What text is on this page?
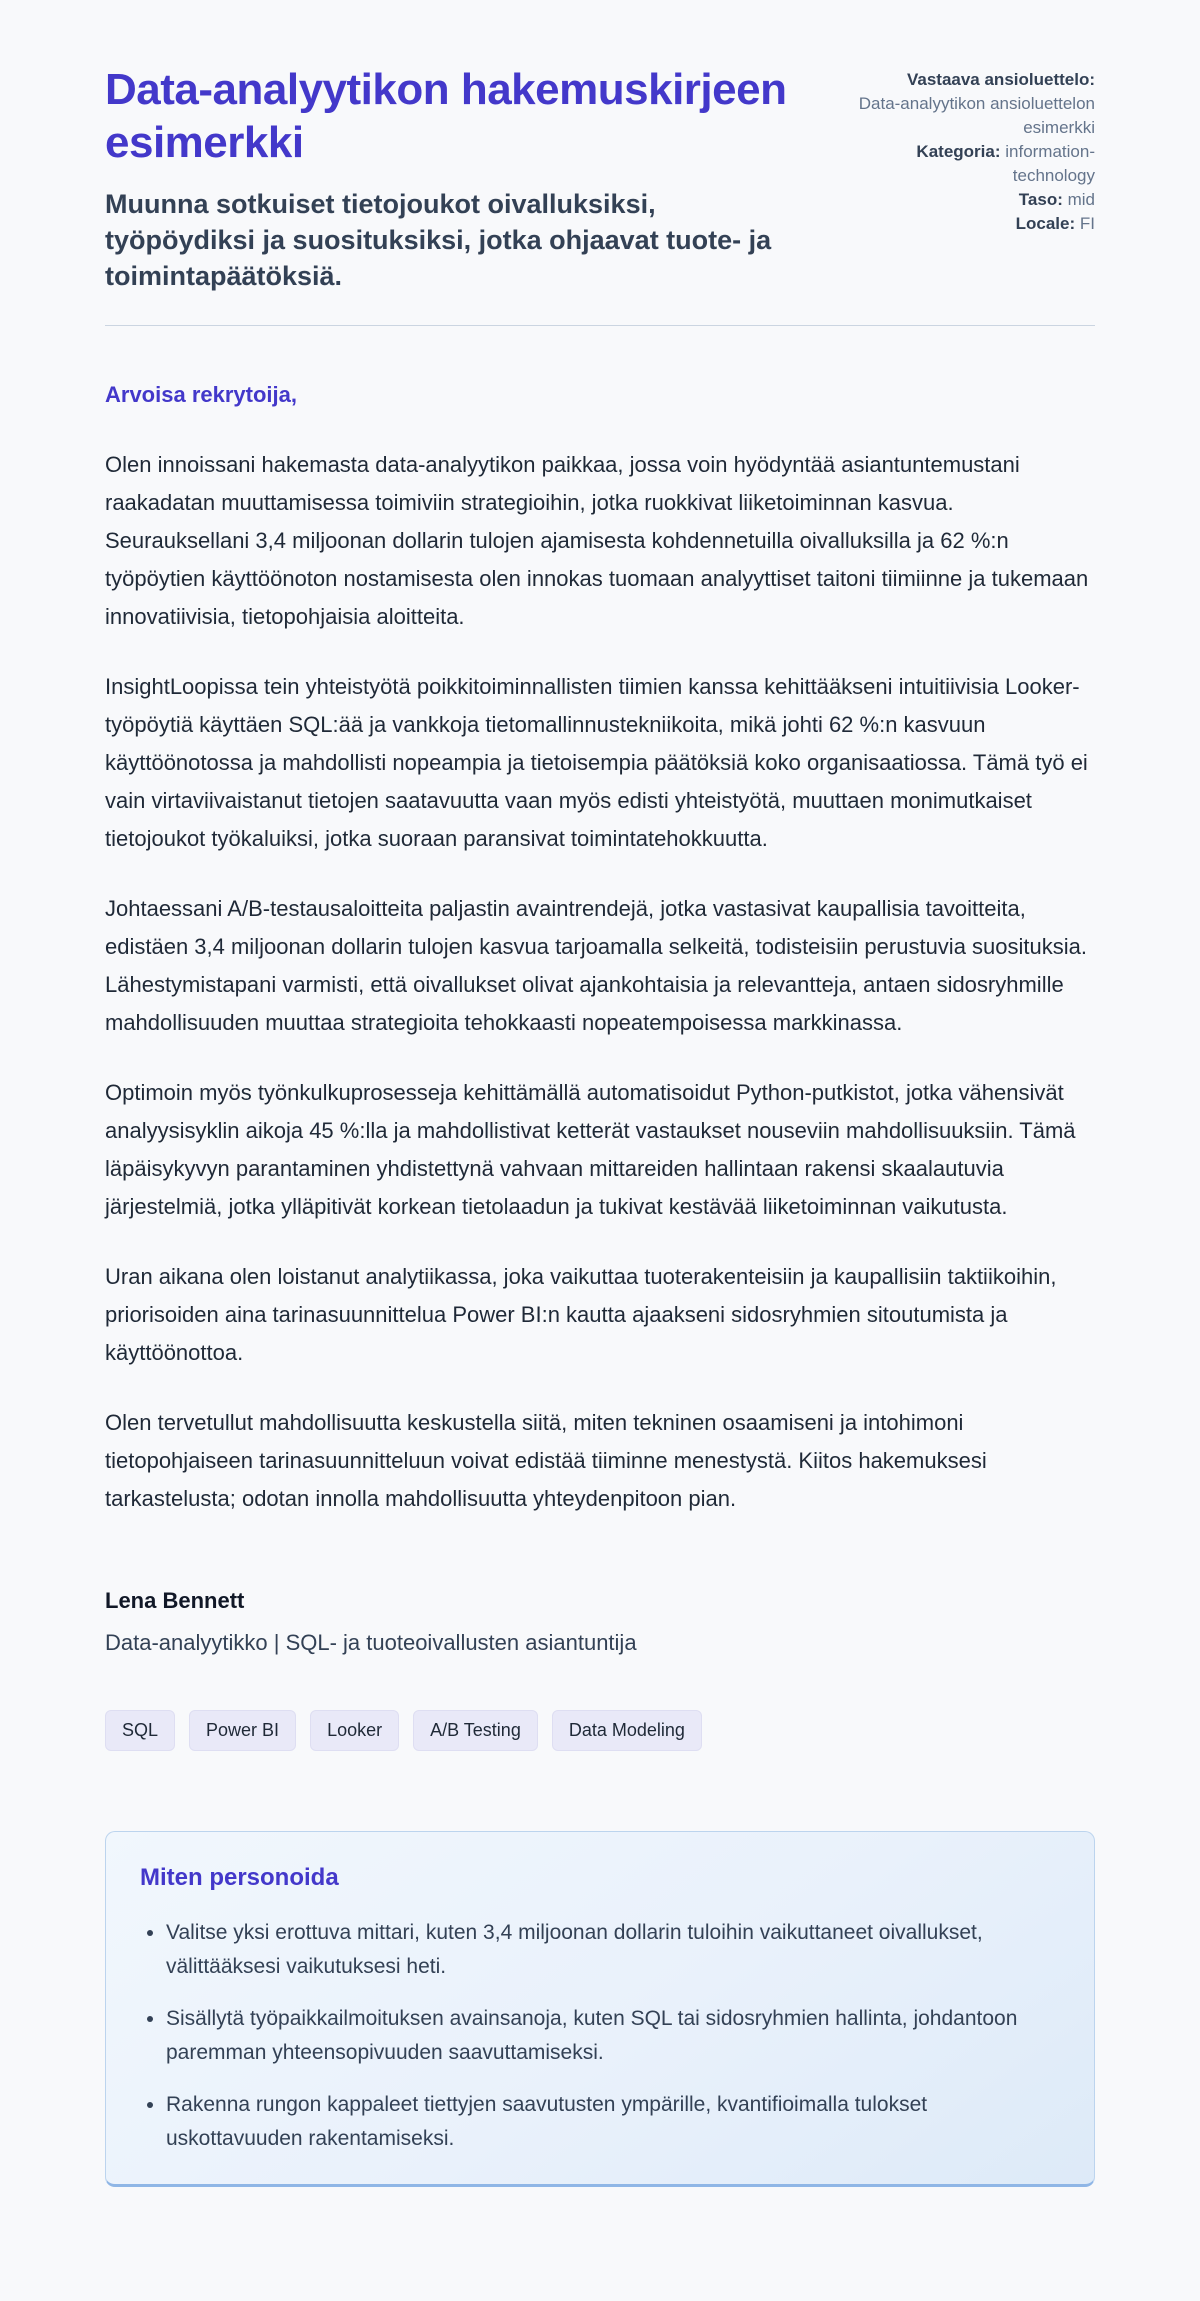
Data-analyytikon hakemuskirjeen esimerkki

Muunna sotkuiset tietojoukot oivalluksiksi, työpöydiksi ja suosituksiksi, jotka ohjaavat tuote- ja toimintapäätöksiä.

Vastaava ansioluettelo:
Data-analyytikon ansioluettelon esimerkki
Kategoria: information-technology
Taso: mid
Locale: FI

Arvoisa rekrytoija,

Olen innoissani hakemasta data-analyytikon paikkaa, jossa voin hyödyntää asiantuntemustani raakadatan muuttamisessa toimiviin strategioihin, jotka ruokkivat liiketoiminnan kasvua. Seurauksellani 3,4 miljoonan dollarin tulojen ajamisesta kohdennetuilla oivalluksilla ja 62 %:n työpöytien käyttöönoton nostamisesta olen innokas tuomaan analyyttiset taitoni tiimiinne ja tukemaan innovatiivisia, tietopohjaisia aloitteita.

InsightLoopissa tein yhteistyötä poikkitoiminnallisten tiimien kanssa kehittääkseni intuitiivisia Looker-työpöytiä käyttäen SQL:ää ja vankkoja tietomallinnustekniikoita, mikä johti 62 %:n kasvuun käyttöönotossa ja mahdollisti nopeampia ja tietoisempia päätöksiä koko organisaatiossa. Tämä työ ei vain virtaviivaistanut tietojen saatavuutta vaan myös edisti yhteistyötä, muuttaen monimutkaiset tietojoukot työkaluiksi, jotka suoraan paransivat toimintatehokkuutta.

Johtaessani A/B-testausaloitteita paljastin avaintrendejä, jotka vastasivat kaupallisia tavoitteita, edistäen 3,4 miljoonan dollarin tulojen kasvua tarjoamalla selkeitä, todisteisiin perustuvia suosituksia. Lähestymistapani varmisti, että oivallukset olivat ajankohtaisia ja relevantteja, antaen sidosryhmille mahdollisuuden muuttaa strategioita tehokkaasti nopeatempoisessa markkinassa.

Optimoin myös työnkulkuprosesseja kehittämällä automatisoidut Python-putkistot, jotka vähensivät analyysisyklin aikoja 45 %:lla ja mahdollistivat ketterät vastaukset nouseviin mahdollisuuksiin. Tämä läpäisykyvyn parantaminen yhdistettynä vahvaan mittareiden hallintaan rakensi skaalautuvia järjestelmiä, jotka ylläpitivät korkean tietolaadun ja tukivat kestävää liiketoiminnan vaikutusta.

Uran aikana olen loistanut analytiikassa, joka vaikuttaa tuoterakenteisiin ja kaupallisiin taktiikoihin, priorisoiden aina tarinasuunnittelua Power BI:n kautta ajaakseni sidosryhmien sitoutumista ja käyttöönottoa.

Olen tervetullut mahdollisuutta keskustella siitä, miten tekninen osaamiseni ja intohimoni tietopohjaiseen tarinasuunnitteluun voivat edistää tiiminne menestystä. Kiitos hakemuksesi tarkastelusta; odotan innolla mahdollisuutta yhteydenpitoon pian.

Lena Bennett

Data-analyytikko | SQL- ja tuoteoivallusten asiantuntija

SQL	Power BI	Looker	A/B Testing	Data Modeling
Miten personoida
• Valitse yksi erottuva mittari, kuten 3,4 miljoonan dollarin tuloihin vaikuttaneet oivallukset, välittääksesi vaikutuksesi heti.
• Sisällytä työpaikkailmoituksen avainsanoja, kuten SQL tai sidosryhmien hallinta, johdantoon paremman yhteensopivuuden saavuttamiseksi.
• Rakenna rungon kappaleet tiettyjen saavutusten ympärille, kvantifioimalla tulokset uskottavuuden rakentamiseksi.
